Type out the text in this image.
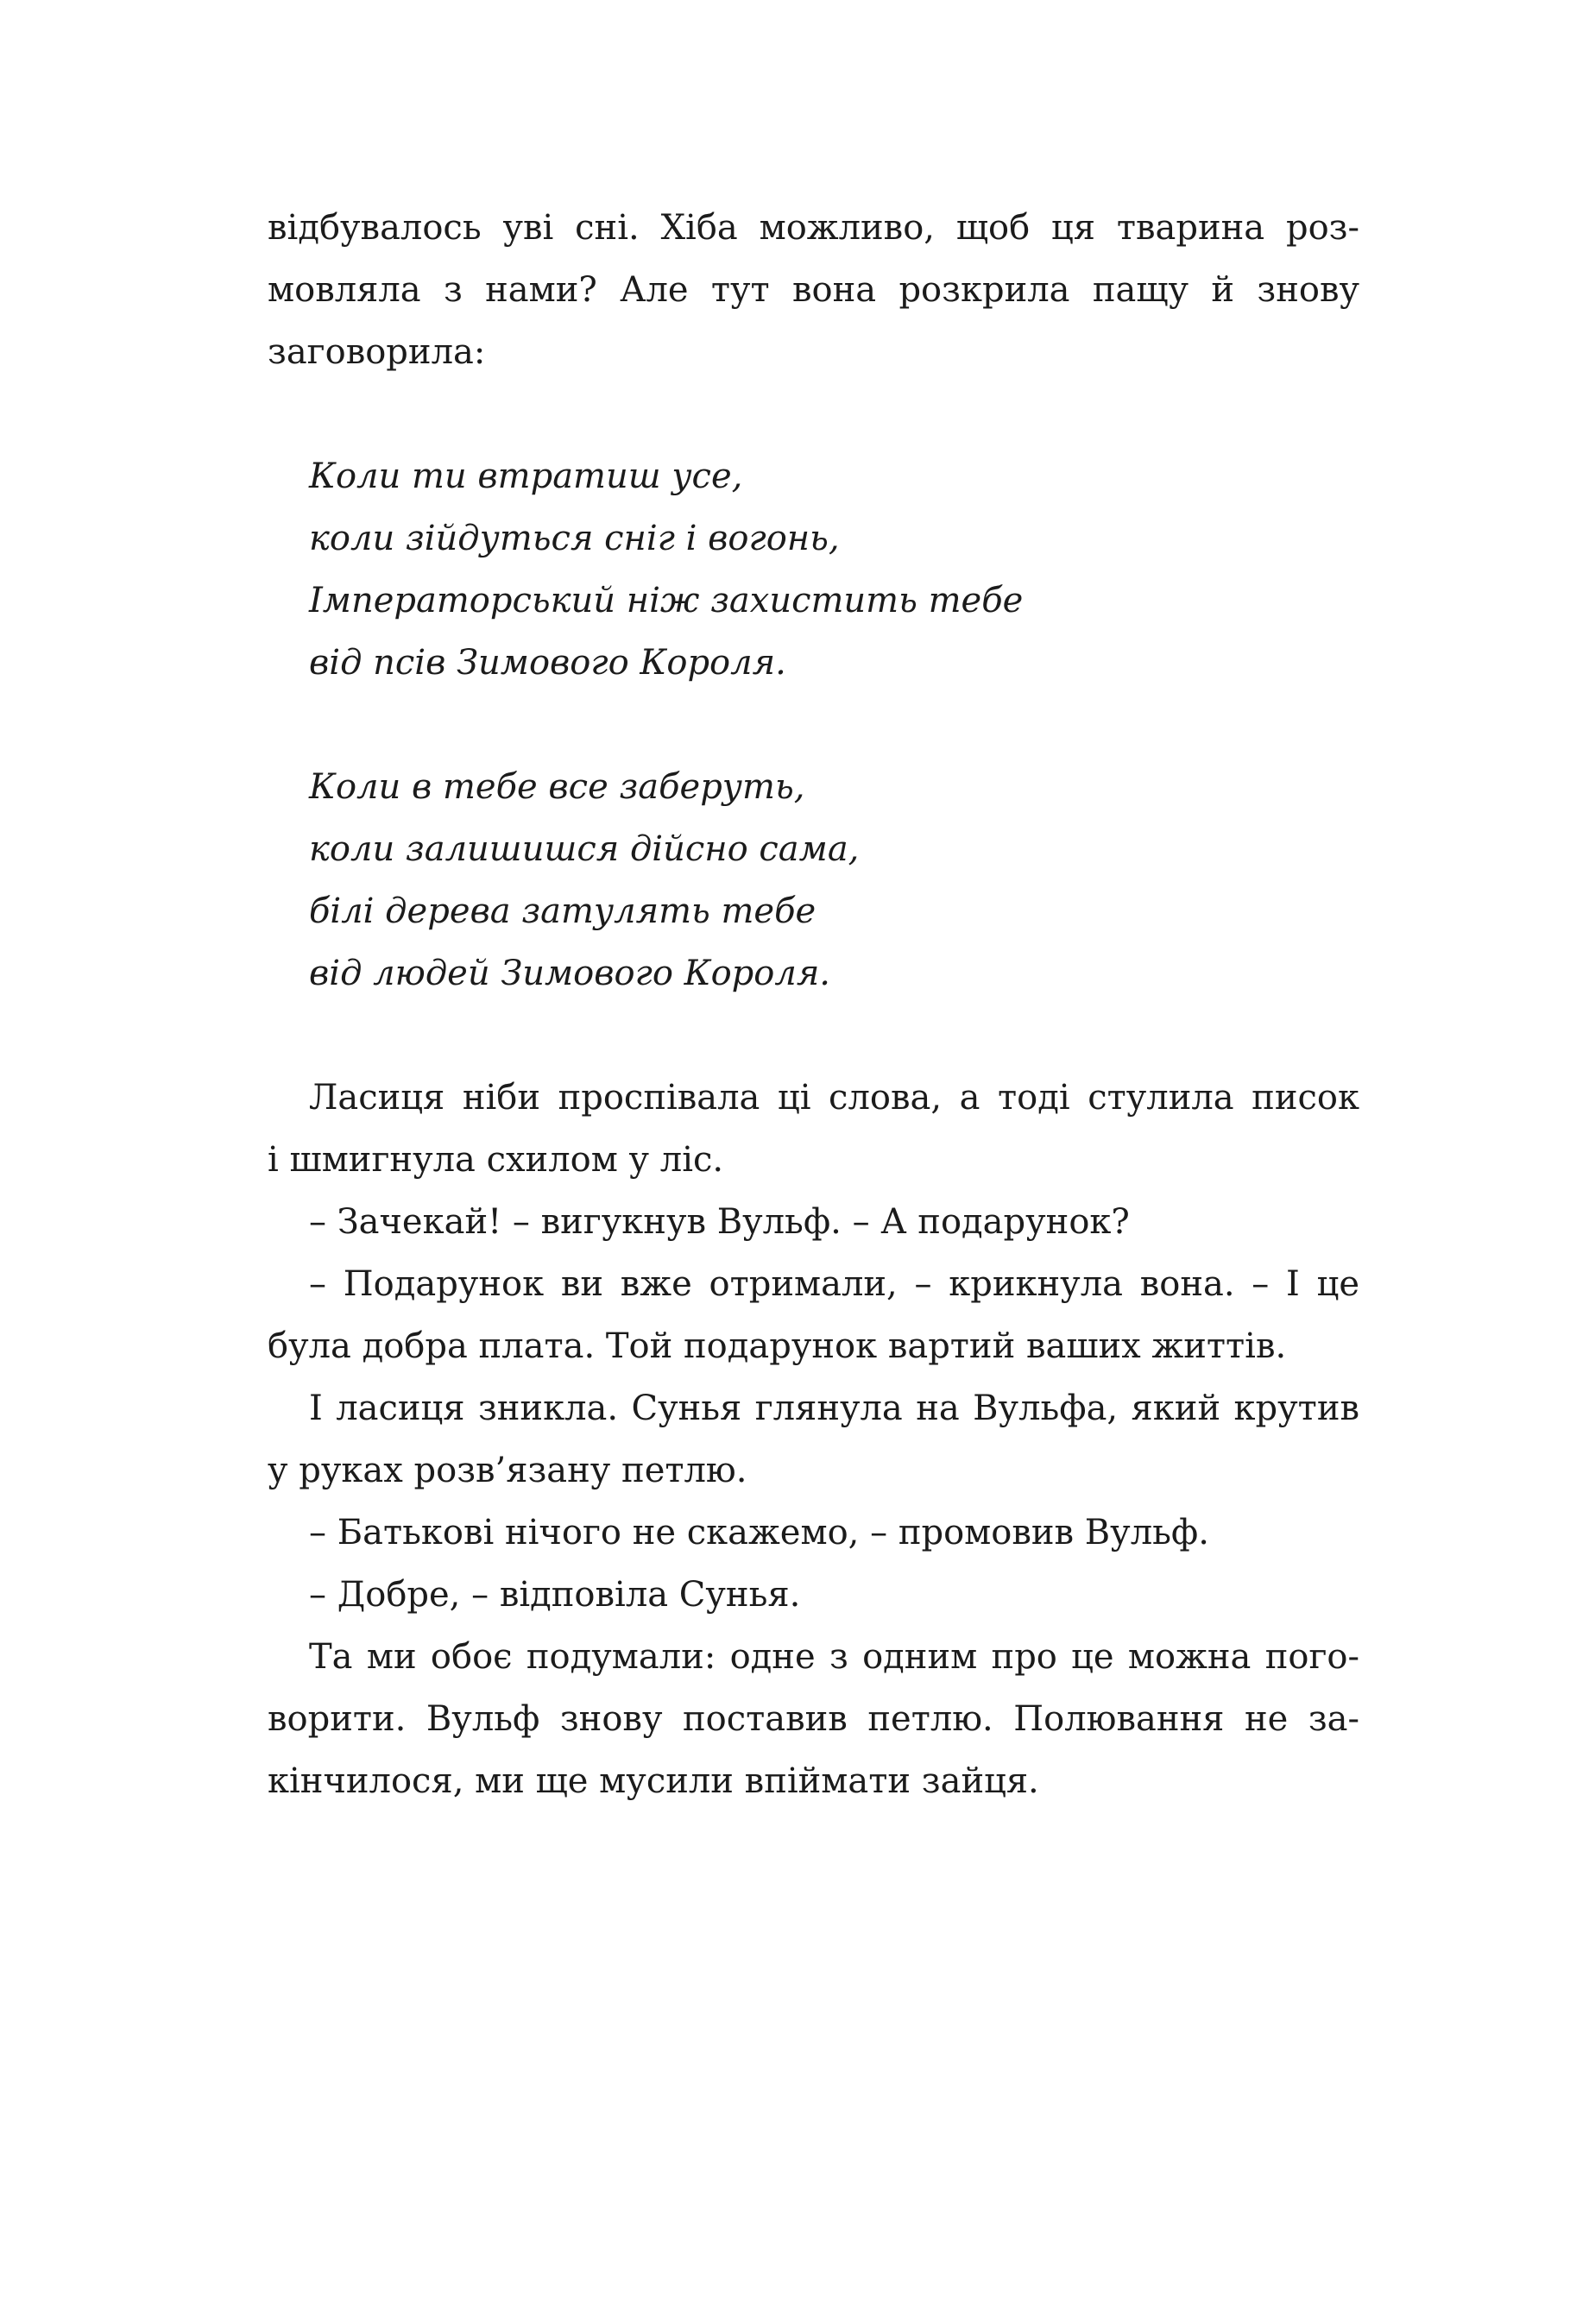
відбувалось уві сні. Хіба можливо, щоб ця тварина роз-
мовляла з нами? Але тут вона розкрила пащу й знову
заговорила:
Коли ти втратиш усе,
коли зійдуться сніг і вогонь,
Імператорський ніж захистить тебе
від псів Зимового Короля.
Коли в тебе все заберуть,
коли залишишся дійсно сама,
білі дерева затулять тебе
від людей Зимового Короля.
Ласиця ніби проспівала ці слова, а тоді стулила писок
і шмигнула схилом у ліс.
– Зачекай! – вигукнув Вульф. – А подарунок?
– Подарунок ви вже отримали, – крикнула вона. – І це
була добра плата. Той подарунок вартий ваших життів.
І ласиця зникла. Сунья глянула на Вульфа, який крутив
у руках розв’язану петлю.
– Батькові нічого не скажемо, – промовив Вульф.
– Добре, – відповіла Сунья.
Та ми обоє подумали: одне з одним про це можна пого-
ворити. Вульф знову поставив петлю. Полювання не за-
кінчилося, ми ще мусили впіймати зайця.
